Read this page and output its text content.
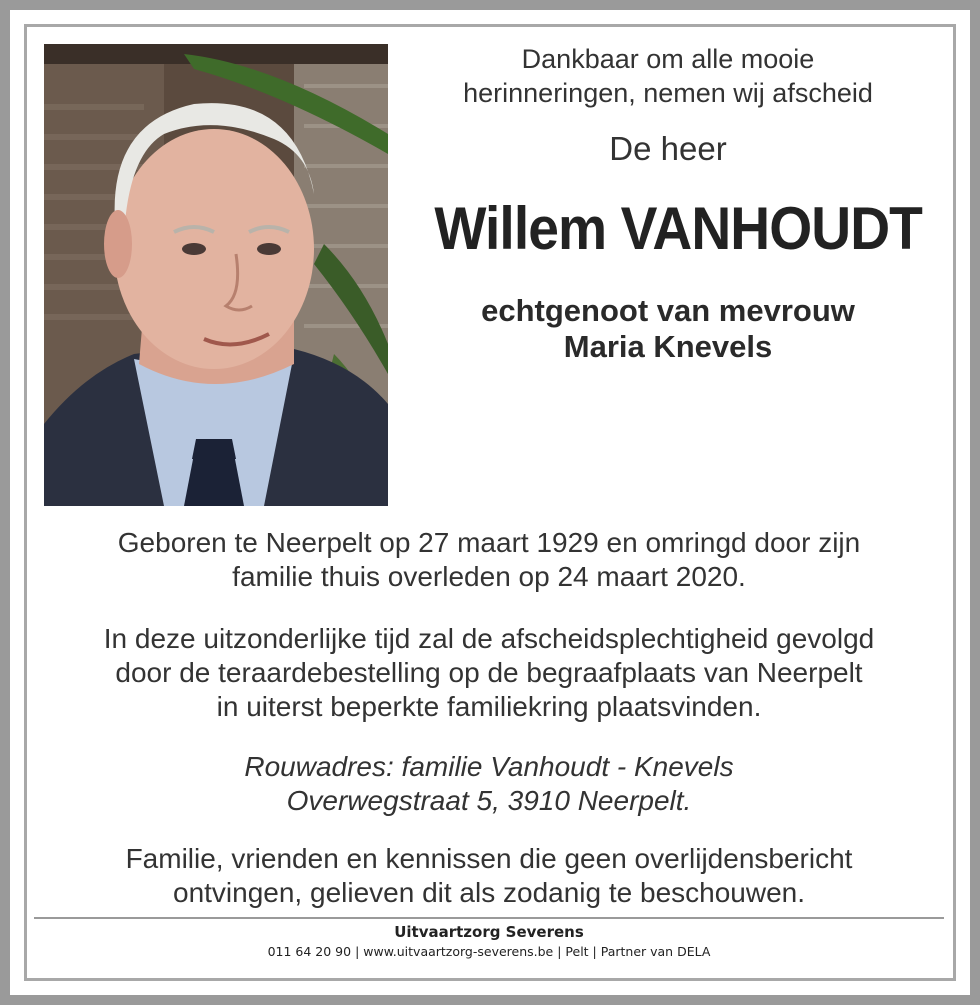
Dankbaar om alle mooie
herinneringen, nemen wij afscheid
De heer
Willem VANHOUDT
echtgenoot van mevrouw
Maria Knevels
Geboren te Neerpelt op 27 maart 1929 en omringd door zijn
familie thuis overleden op 24 maart 2020.
In deze uitzonderlijke tijd zal de afscheidsplechtigheid gevolgd
door de teraardebestelling op de begraafplaats van Neerpelt
in uiterst beperkte familiekring plaatsvinden.
Rouwadres: familie Vanhoudt - Knevels
Overwegstraat 5, 3910 Neerpelt.
Familie, vrienden en kennissen die geen overlijdensbericht
ontvingen, gelieven dit als zodanig te beschouwen.
Uitvaartzorg Severens
011 64 20 90 | www.uitvaartzorg-severens.be | Pelt | Partner van DELA
